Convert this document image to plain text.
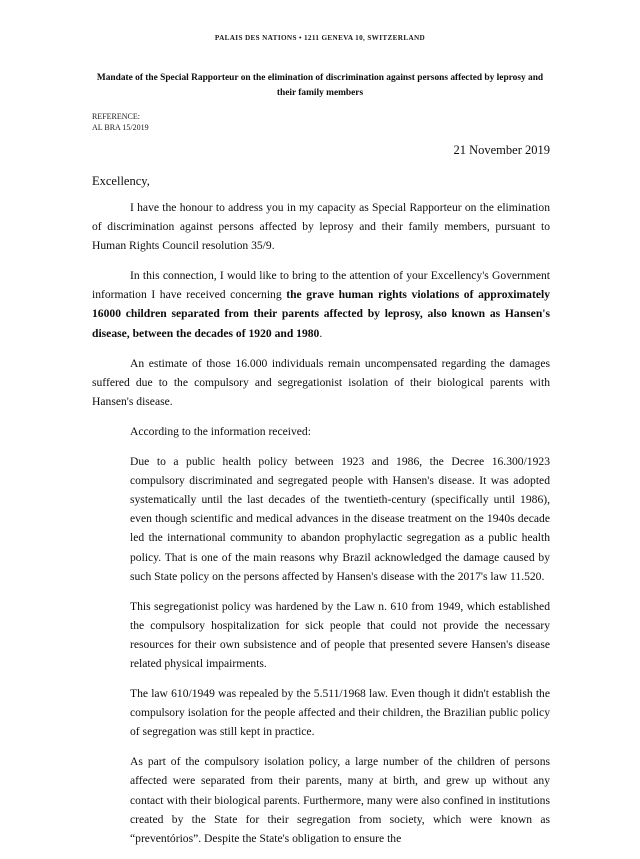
PALAIS DES NATIONS • 1211 GENEVA 10, SWITZERLAND
Mandate of the Special Rapporteur on the elimination of discrimination against persons affected by leprosy and their family members
REFERENCE:
AL BRA 15/2019
21 November 2019
Excellency,

I have the honour to address you in my capacity as Special Rapporteur on the elimination of discrimination against persons affected by leprosy and their family members, pursuant to Human Rights Council resolution 35/9.

In this connection, I would like to bring to the attention of your Excellency's Government information I have received concerning the grave human rights violations of approximately 16000 children separated from their parents affected by leprosy, also known as Hansen's disease, between the decades of 1920 and 1980.

An estimate of those 16.000 individuals remain uncompensated regarding the damages suffered due to the compulsory and segregationist isolation of their biological parents with Hansen's disease.

According to the information received:

Due to a public health policy between 1923 and 1986, the Decree 16.300/1923 compulsory discriminated and segregated people with Hansen's disease. It was adopted systematically until the last decades of the twentieth-century (specifically until 1986), even though scientific and medical advances in the disease treatment on the 1940s decade led the international community to abandon prophylactic segregation as a public health policy. That is one of the main reasons why Brazil acknowledged the damage caused by such State policy on the persons affected by Hansen's disease with the 2017's law 11.520.

This segregationist policy was hardened by the Law n. 610 from 1949, which established the compulsory hospitalization for sick people that could not provide the necessary resources for their own subsistence and of people that presented severe Hansen's disease related physical impairments.

The law 610/1949 was repealed by the 5.511/1968 law. Even though it didn't establish the compulsory isolation for the people affected and their children, the Brazilian public policy of segregation was still kept in practice.

As part of the compulsory isolation policy, a large number of the children of persons affected were separated from their parents, many at birth, and grew up without any contact with their biological parents. Furthermore, many were also confined in institutions created by the State for their segregation from society, which were known as “preventórios”. Despite the State's obligation to ensure the
